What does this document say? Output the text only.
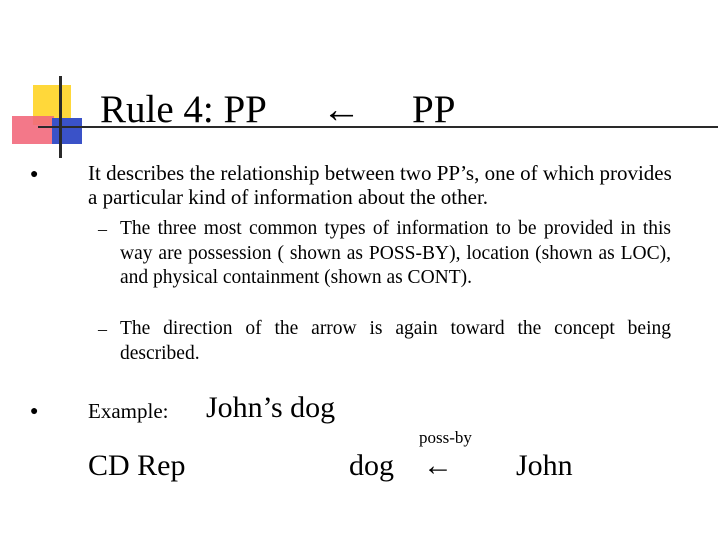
Rule 4: PP ← PP
● It describes the relationship between two PP’s, one of which provides a particular kind of information about the other.
– The three most common types of information to be provided in this way are possession ( shown as POSS-BY), location (shown as LOC), and physical containment (shown as CONT).
– The direction of the arrow is again toward the concept being described.
● Example: John’s dog
CD Rep	dog
poss-by
← John
